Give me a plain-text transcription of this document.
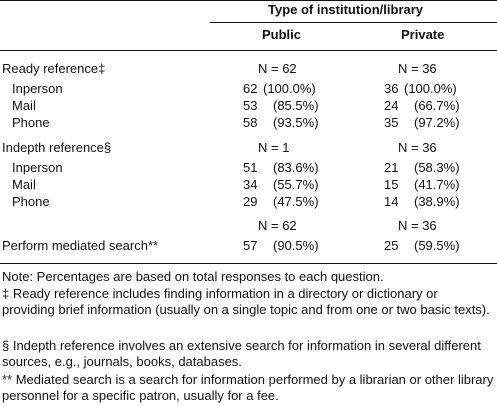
Type of institution/library
Public	Private
Ready reference‡	N = 62	N = 36
Inperson	62 (100.0%)	36 (100.0%)
Mail	53 (85.5%)	24 (66.7%)
Phone	58 (93.5%)	35 (97.2%)
Indepth reference§	N = 1	N = 36
Inperson	51 (83.6%)	21 (58.3%)
Mail	34 (55.7%)	15 (41.7%)
Phone	29 (47.5%)	14 (38.9%)
N = 62	N = 36
Perform mediated search**	57 (90.5%)	25 (59.5%)
Note: Percentages are based on total responses to each question.
‡ Ready reference includes finding information in a directory or dictionary or providing brief information (usually on a single topic and from one or two basic texts).
§ Indepth reference involves an extensive search for information in several different sources, e.g., journals, books, databases.
** Mediated search is a search for information performed by a librarian or other library personnel for a specific patron, usually for a fee.
